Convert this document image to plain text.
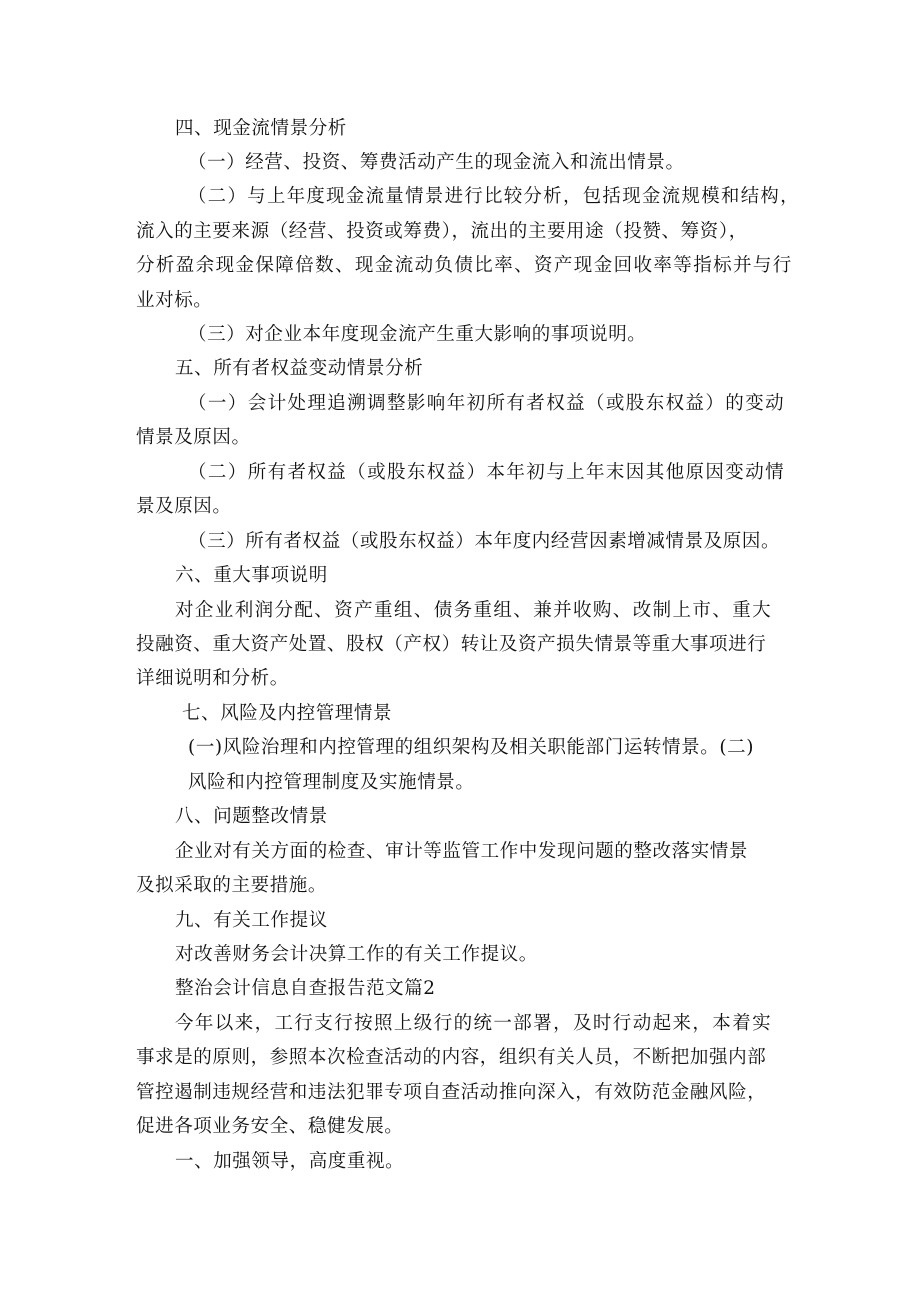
四、现金流情景分析

（一）经营、投资、筹费活动产生的现金流入和流出情景。

（二）与上年度现金流量情景进行比较分析，包括现金流规模和结构，

流入的主要来源（经营、投资或筹费），流出的主要用途（投赞、筹资），

分析盈余现金保障倍数、现金流动负债比率、资产现金回收率等指标并与行

业对标。

（三）对企业本年度现金流产生重大影响的事项说明。

五、所有者权益变动情景分析

（一）会计处理追溯调整影响年初所有者权益（或股东权益）的变动

情景及原因。

（二）所有者权益（或股东权益）本年初与上年末因其他原因变动情

景及原因。

（三）所有者权益（或股东权益）本年度内经营因素增减情景及原因。

六、重大事项说明

对企业利润分配、资产重组、债务重组、兼并收购、改制上市、重大

投融资、重大资产处置、股权（产权）转让及资产损失情景等重大事项进行

详细说明和分析。

七、风险及内控管理情景

(一)风险治理和内控管理的组织架构及相关职能部门运转情景。(二)

风险和内控管理制度及实施情景。

八、问题整改情景

企业对有关方面的检查、审计等监管工作中发现问题的整改落实情景

及拟采取的主要措施。

九、有关工作提议

对改善财务会计决算工作的有关工作提议。

整治会计信息自查报告范文篇2

今年以来，工行支行按照上级行的统一部署，及时行动起来，本着实

事求是的原则，参照本次检查活动的内容，组织有关人员，不断把加强内部

管控遏制违规经营和违法犯罪专项自查活动推向深入，有效防范金融风险，

促进各项业务安全、稳健发展。

一、加强领导，高度重视。
